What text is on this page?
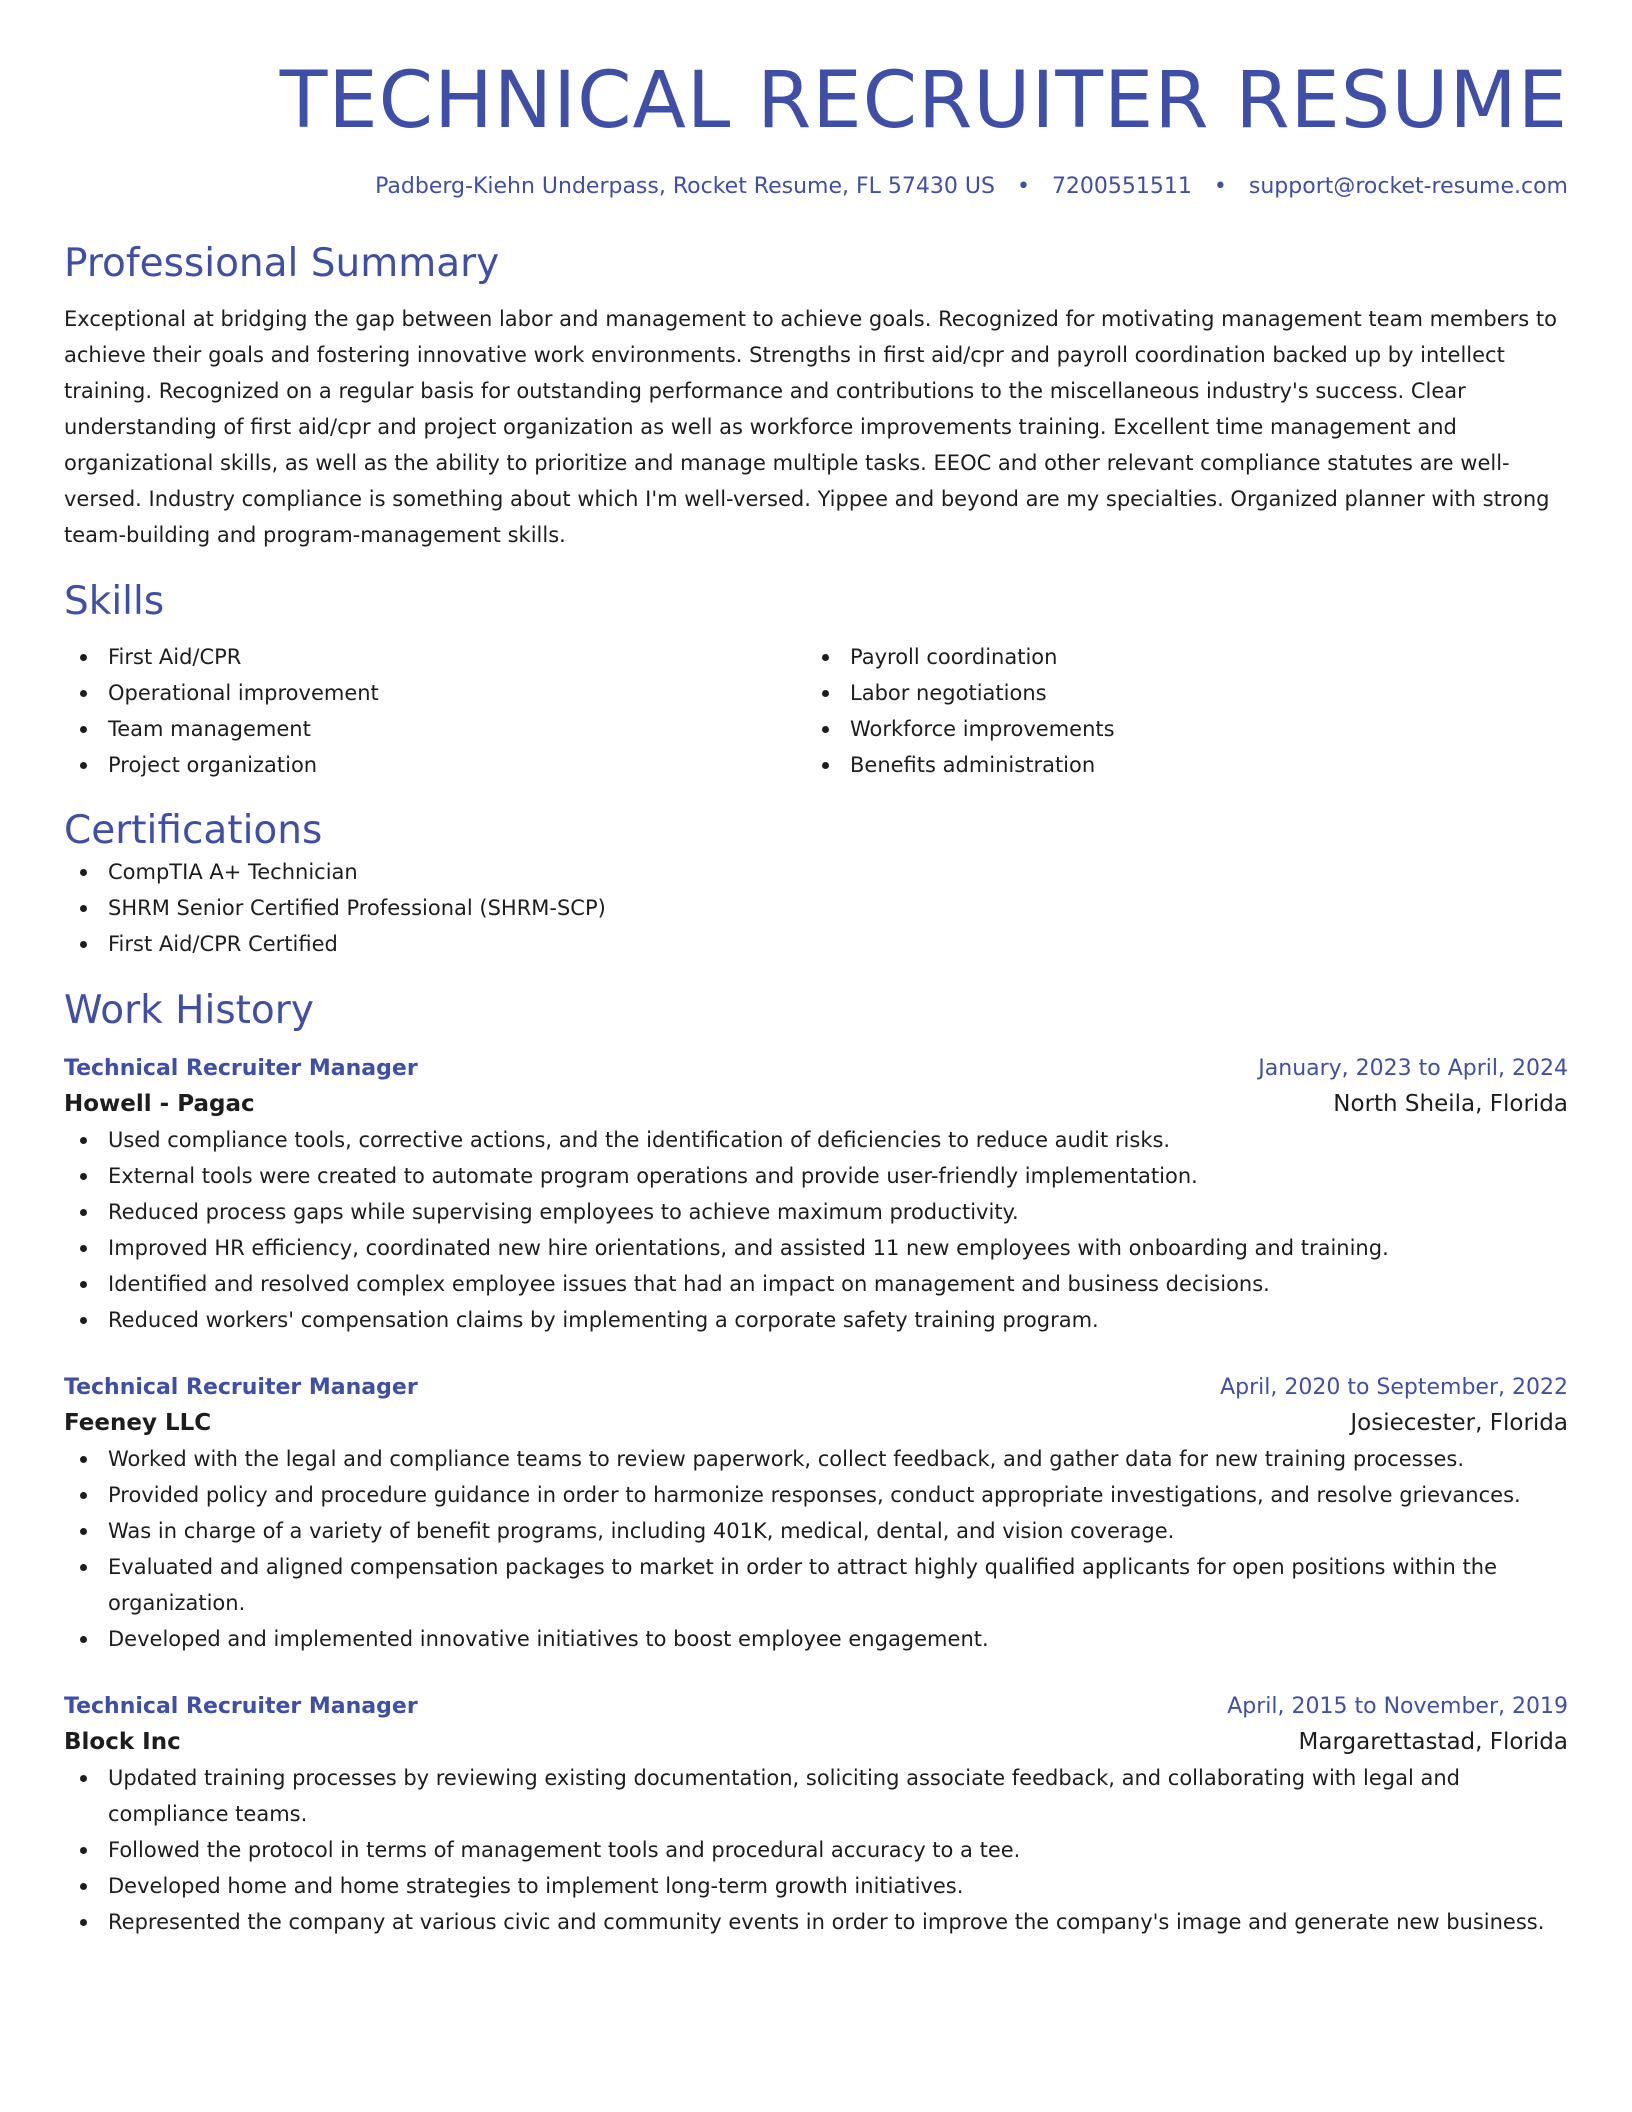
TECHNICAL RECRUITER RESUME
Padberg-Kiehn Underpass, Rocket Resume, FL 57430 US • 7200551511 • support@rocket-resume.com
Professional Summary
Exceptional at bridging the gap between labor and management to achieve goals. Recognized for motivating management team members to achieve their goals and fostering innovative work environments. Strengths in first aid/cpr and payroll coordination backed up by intellect training. Recognized on a regular basis for outstanding performance and contributions to the miscellaneous industry's success. Clear understanding of first aid/cpr and project organization as well as workforce improvements training. Excellent time management and organizational skills, as well as the ability to prioritize and manage multiple tasks. EEOC and other relevant compliance statutes are well-versed. Industry compliance is something about which I'm well-versed. Yippee and beyond are my specialties. Organized planner with strong team-building and program-management skills.
Skills
First Aid/CPR
Operational improvement
Team management
Project organization
Payroll coordination
Labor negotiations
Workforce improvements
Benefits administration
Certifications
CompTIA A+ Technician
SHRM Senior Certified Professional (SHRM-SCP)
First Aid/CPR Certified
Work History
Technical Recruiter Manager	January, 2023 to April, 2024
Howell - Pagac	North Sheila, Florida
Used compliance tools, corrective actions, and the identification of deficiencies to reduce audit risks.
External tools were created to automate program operations and provide user-friendly implementation.
Reduced process gaps while supervising employees to achieve maximum productivity.
Improved HR efficiency, coordinated new hire orientations, and assisted 11 new employees with onboarding and training.
Identified and resolved complex employee issues that had an impact on management and business decisions.
Reduced workers' compensation claims by implementing a corporate safety training program.
Technical Recruiter Manager	April, 2020 to September, 2022
Feeney LLC	Josiecester, Florida
Worked with the legal and compliance teams to review paperwork, collect feedback, and gather data for new training processes.
Provided policy and procedure guidance in order to harmonize responses, conduct appropriate investigations, and resolve grievances.
Was in charge of a variety of benefit programs, including 401K, medical, dental, and vision coverage.
Evaluated and aligned compensation packages to market in order to attract highly qualified applicants for open positions within the organization.
Developed and implemented innovative initiatives to boost employee engagement.
Technical Recruiter Manager	April, 2015 to November, 2019
Block Inc	Margarettastad, Florida
Updated training processes by reviewing existing documentation, soliciting associate feedback, and collaborating with legal and compliance teams.
Followed the protocol in terms of management tools and procedural accuracy to a tee.
Developed home and home strategies to implement long-term growth initiatives.
Represented the company at various civic and community events in order to improve the company's image and generate new business.
